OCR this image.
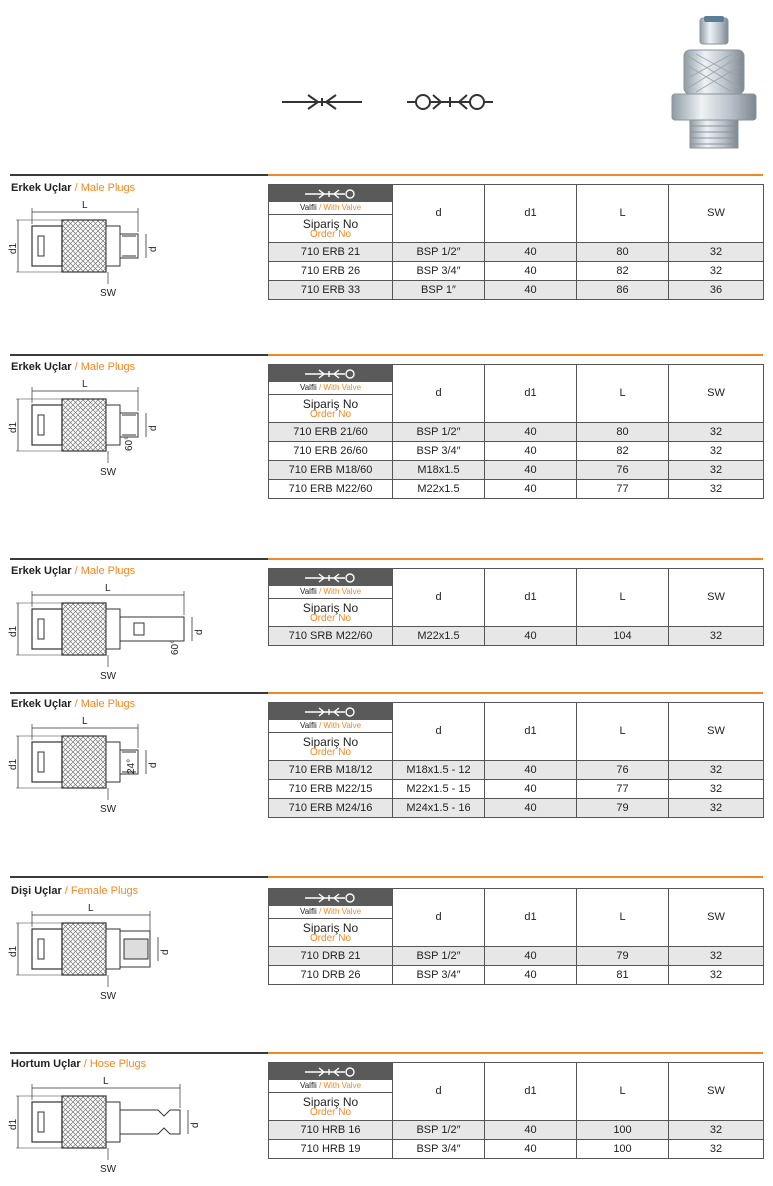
Erkek Uçlar / Male Plugs
L
d1	d
SW
Valfli / With Valve
Sipariş No
Order No	d	d1	L	SW
710 ERB 21	BSP 1/2″	40	80	32
710 ERB 26	BSP 3/4″	40	82	32
710 ERB 33	BSP 1″	40	86	36
Erkek Uçlar / Male Plugs
L
d1	d
SW
60°
Valfli / With Valve
Sipariş No
Order No	d	d1	L	SW
710 ERB 21/60	BSP 1/2″	40	80	32
710 ERB 26/60	BSP 3/4″	40	82	32
710 ERB M18/60	M18x1.5	40	76	32
710 ERB M22/60	M22x1.5	40	77	32
Erkek Uçlar / Male Plugs
L
d1	d
SW
60°
Valfli / With Valve
Sipariş No
Order No	d	d1	L	SW
710 SRB M22/60	M22x1.5	40	104	32
Erkek Uçlar / Male Plugs
L
d1	d
SW
24°
Valfli / With Valve
Sipariş No
Order No	d	d1	L	SW
710 ERB M18/12	M18x1.5 - 12	40	76	32
710 ERB M22/15	M22x1.5 - 15	40	77	32
710 ERB M24/16	M24x1.5 - 16	40	79	32
Dişi Uçlar / Female Plugs
L
d1	d
SW
Valfli / With Valve
Sipariş No
Order No	d	d1	L	SW
710 DRB 21	BSP 1/2″	40	79	32
710 DRB 26	BSP 3/4″	40	81	32
Hortum Uçlar / Hose Plugs
L
d1	d
SW
Valfli / With Valve
Sipariş No
Order No	d	d1	L	SW
710 HRB 16	BSP 1/2″	40	100	32
710 HRB 19	BSP 3/4″	40	100	32
